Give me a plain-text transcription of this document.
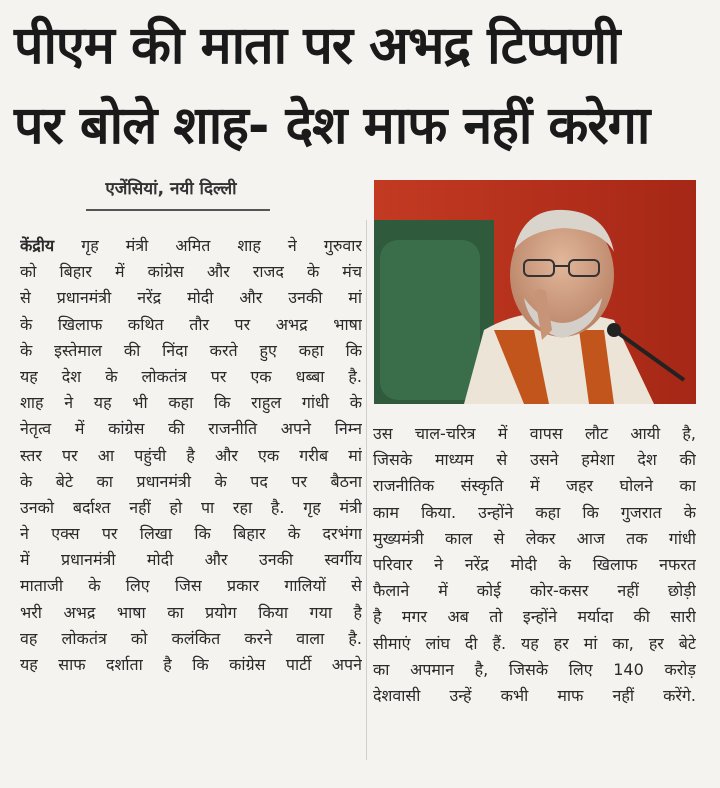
पीएम की माता पर अभद्र टिप्पणी
पर बोले शाह- देश माफ नहीं करेगा
एजेंसियां, नयी दिल्ली
केंद्रीय गृह मंत्री अमित शाह ने गुरुवार
को बिहार में कांग्रेस और राजद के मंच
से प्रधानमंत्री नरेंद्र मोदी और उनकी मां
के खिलाफ कथित तौर पर अभद्र भाषा
के इस्तेमाल की निंदा करते हुए कहा कि
यह देश के लोकतंत्र पर एक धब्बा है.
शाह ने यह भी कहा कि राहुल गांधी के
नेतृत्व में कांग्रेस की राजनीति अपने निम्न
स्तर पर आ पहुंची है और एक गरीब मां
के बेटे का प्रधानमंत्री के पद पर बैठना
उनको बर्दाश्त नहीं हो पा रहा है. गृह मंत्री
ने एक्स पर लिखा कि बिहार के दरभंगा
में प्रधानमंत्री मोदी और उनकी स्वर्गीय
माताजी के लिए जिस प्रकार गालियों से
भरी अभद्र भाषा का प्रयोग किया गया है
वह लोकतंत्र को कलंकित करने वाला है.
यह साफ दर्शाता है कि कांग्रेस पार्टी अपने
उस चाल-चरित्र में वापस लौट आयी है,
जिसके माध्यम से उसने हमेशा देश की
राजनीतिक संस्कृति में जहर घोलने का
काम किया. उन्होंने कहा कि गुजरात के
मुख्यमंत्री काल से लेकर आज तक गांधी
परिवार ने नरेंद्र मोदी के खिलाफ नफरत
फैलाने में कोई कोर-कसर नहीं छोड़ी
है मगर अब तो इन्होंने मर्यादा की सारी
सीमाएं लांघ दी हैं. यह हर मां का, हर बेटे
का अपमान है, जिसके लिए 140 करोड़
देशवासी उन्हें कभी माफ नहीं करेंगे.
